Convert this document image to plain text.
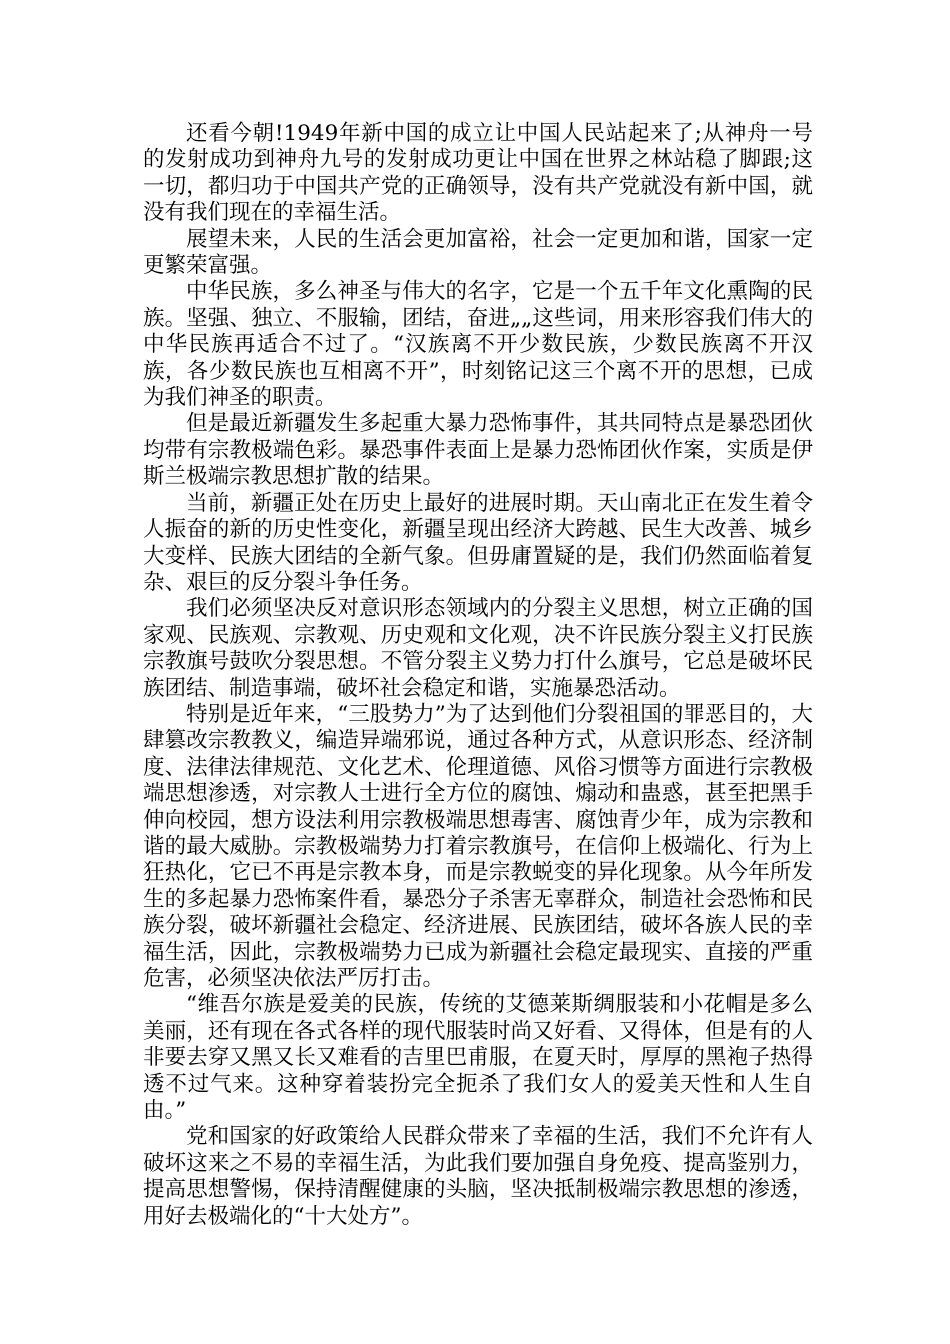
还看今朝!1949年新中国的成立让中国人民站起来了;从神舟一号的发射成功到神舟九号的发射成功更让中国在世界之林站稳了脚跟;这一切，都归功于中国共产党的正确领导，没有共产党就没有新中国，就没有我们现在的幸福生活。

展望未来，人民的生活会更加富裕，社会一定更加和谐，国家一定更繁荣富强。

中华民族，多么神圣与伟大的名字，它是一个五千年文化熏陶的民族。坚强、独立、不服输，团结，奋进„„这些词，用来形容我们伟大的中华民族再适合不过了。“汉族离不开少数民族，少数民族离不开汉族，各少数民族也互相离不开”，时刻铭记这三个离不开的思想，已成为我们神圣的职责。

但是最近新疆发生多起重大暴力恐怖事件，其共同特点是暴恐团伙均带有宗教极端色彩。暴恐事件表面上是暴力恐怖团伙作案，实质是伊斯兰极端宗教思想扩散的结果。

当前，新疆正处在历史上最好的进展时期。天山南北正在发生着令人振奋的新的历史性变化，新疆呈现出经济大跨越、民生大改善、城乡大变样、民族大团结的全新气象。但毋庸置疑的是，我们仍然面临着复杂、艰巨的反分裂斗争任务。

我们必须坚决反对意识形态领域内的分裂主义思想，树立正确的国家观、民族观、宗教观、历史观和文化观，决不许民族分裂主义打民族宗教旗号鼓吹分裂思想。不管分裂主义势力打什么旗号，它总是破坏民族团结、制造事端，破坏社会稳定和谐，实施暴恐活动。

特别是近年来，“三股势力”为了达到他们分裂祖国的罪恶目的，大肆篡改宗教教义，编造异端邪说，通过各种方式，从意识形态、经济制度、法律法律规范、文化艺术、伦理道德、风俗习惯等方面进行宗教极端思想渗透，对宗教人士进行全方位的腐蚀、煽动和蛊惑，甚至把黑手伸向校园，想方设法利用宗教极端思想毒害、腐蚀青少年，成为宗教和谐的最大威胁。宗教极端势力打着宗教旗号，在信仰上极端化、行为上狂热化，它已不再是宗教本身，而是宗教蜕变的异化现象。从今年所发生的多起暴力恐怖案件看，暴恐分子杀害无辜群众，制造社会恐怖和民族分裂，破坏新疆社会稳定、经济进展、民族团结，破坏各族人民的幸福生活，因此，宗教极端势力已成为新疆社会稳定最现实、直接的严重危害，必须坚决依法严厉打击。

“维吾尔族是爱美的民族，传统的艾德莱斯绸服装和小花帽是多么美丽，还有现在各式各样的现代服装时尚又好看、又得体，但是有的人非要去穿又黑又长又难看的吉里巴甫服，在夏天时，厚厚的黑袍子热得透不过气来。这种穿着装扮完全扼杀了我们女人的爱美天性和人生自由。”

党和国家的好政策给人民群众带来了幸福的生活，我们不允许有人破坏这来之不易的幸福生活，为此我们要加强自身免疫、提高鉴别力，提高思想警惕，保持清醒健康的头脑，坚决抵制极端宗教思想的渗透，用好去极端化的“十大处方”。
